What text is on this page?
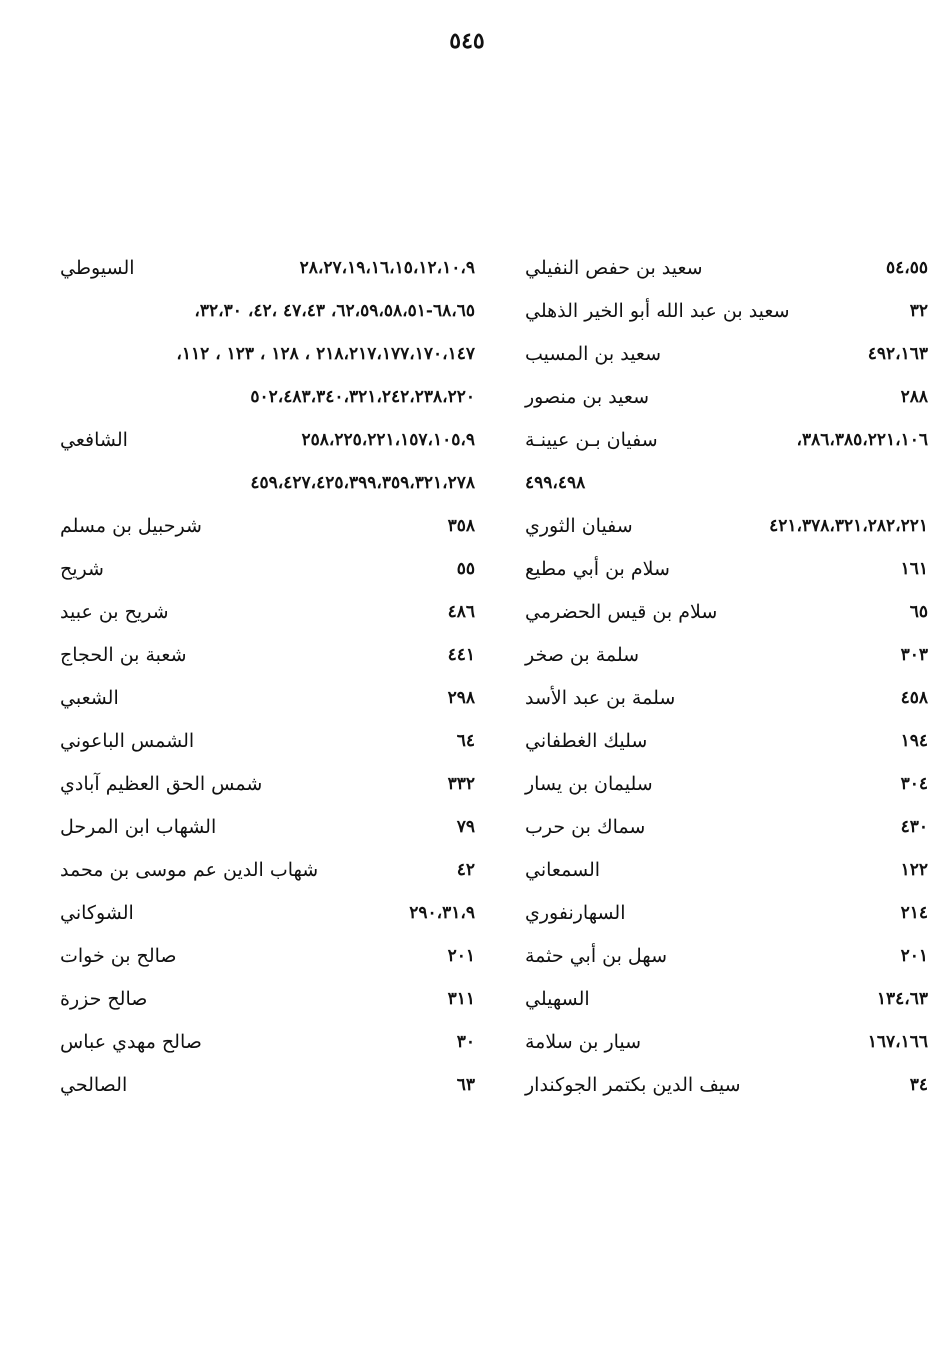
٥٤٥
سعيد بن حفص النفيلي	٥٤،٥٥
سعيد بن عبد الله أبو الخير الذهلي	٣٢
سعيد بن المسيب	٤٩٢،١٦٣
سعيد بن منصور	٢٨٨
سفيان بـن عيينـة	٣٨٦،٣٨٥،٢٢١،١٠٦،
٤٩٩،٤٩٨
سفيان الثوري	٤٢١،٣٧٨،٣٢١،٢٨٢،٢٢١
سلام بن أبي مطيع	١٦١
سلام بن قيس الحضرمي	٦٥
سلمة بن صخر	٣٠٣
سلمة بن عبد الأسد	٤٥٨
سليك الغطفاني	١٩٤
سليمان بن يسار	٣٠٤
سماك بن حرب	٤٣٠
السمعاني	١٢٢
السهارنفوري	٢١٤
سهل بن أبي حثمة	٢٠١
السهيلي	١٣٤،٦٣
سيار بن سلامة	١٦٧،١٦٦
سيف الدين بكتمر الجوكندار	٣٤
السيوطي	٢٨،٢٧،١٩،١٦،١٥،١٢،١٠،٩
٦٨،٦٥-٦٢،٥٩،٥٨،٥١، ٤٧،٤٣ ،٤٢، ٣٢،٣٠،
٢١٨،٢١٧،١٧٧،١٧٠،١٤٧ ، ١٢٨ ، ١٢٣ ، ١١٢،
٥٠٢،٤٨٣،٣٤٠،٣٢١،٢٤٢،٢٣٨،٢٢٠
الشافعي	٢٥٨،٢٢٥،٢٢١،١٥٧،١٠٥،٩
٤٥٩،٤٢٧،٤٢٥،٣٩٩،٣٥٩،٣٢١،٢٧٨
شرحبيل بن مسلم	٣٥٨
شريح	٥٥
شريح بن عبيد	٤٨٦
شعبة بن الحجاج	٤٤١
الشعبي	٢٩٨
الشمس الباعوني	٦٤
شمس الحق العظيم آبادي	٣٣٢
الشهاب ابن المرحل	٧٩
شهاب الدين عم موسى بن محمد	٤٢
الشوكاني	٢٩٠،٣١،٩
صالح بن خوات	٢٠١
صالح حزرة	٣١١
صالح مهدي عباس	٣٠
الصالحي	٦٣
